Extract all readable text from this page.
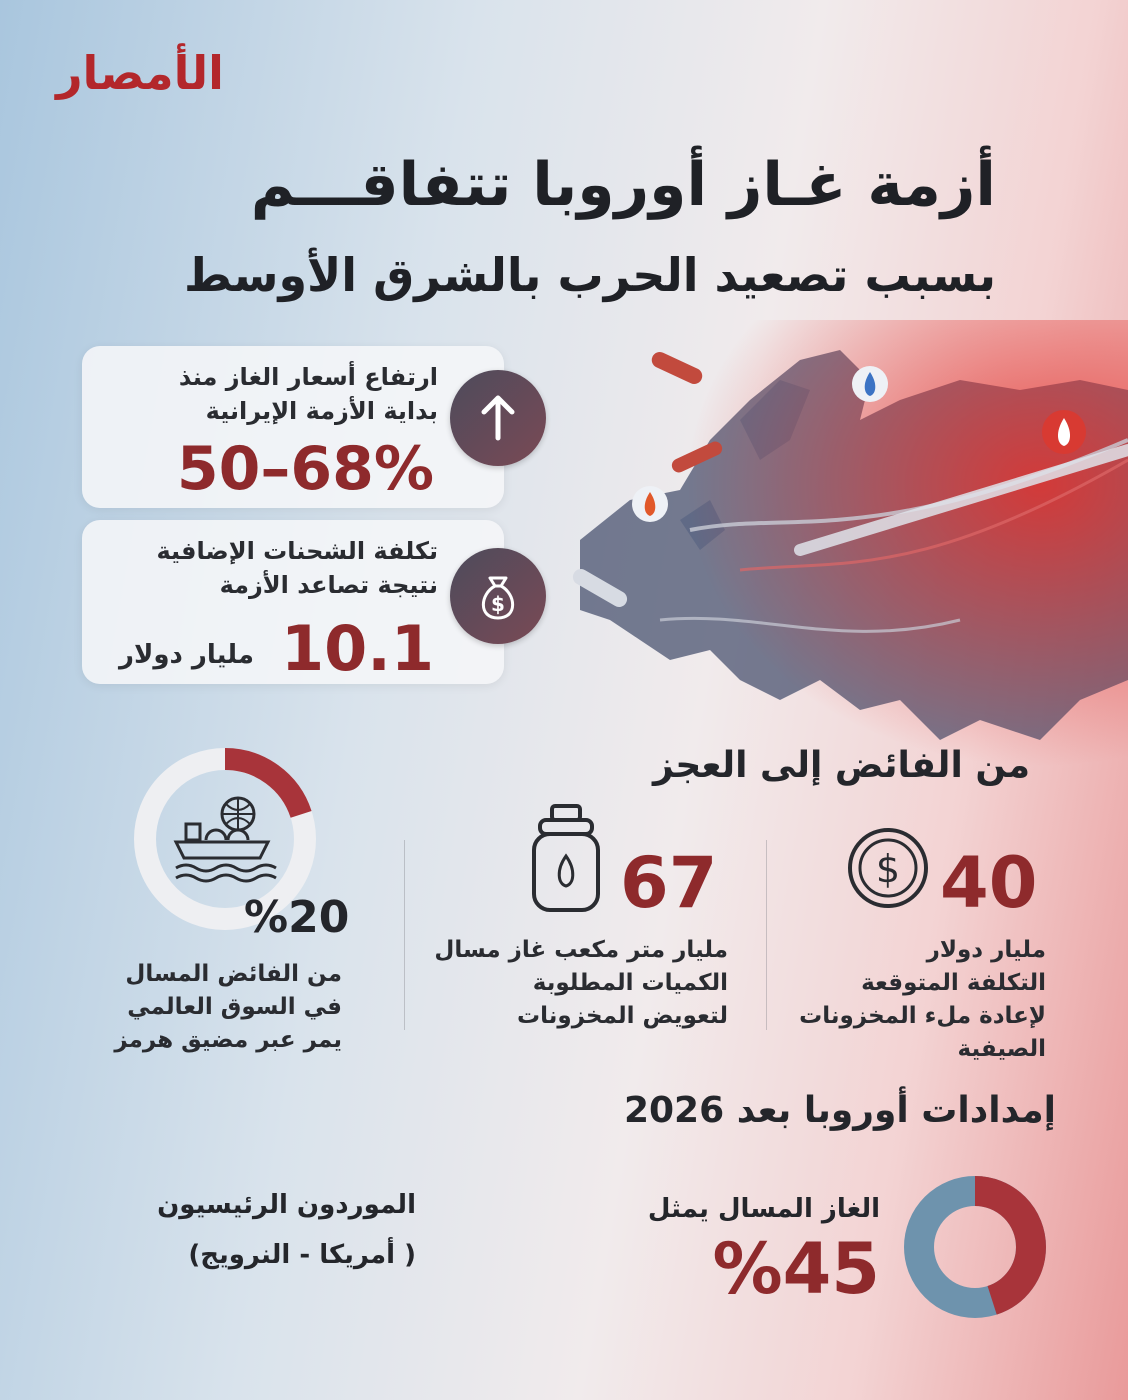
الأمصار
أزمة غـاز أوروبا تتفاقـــم
بسبب تصعيد الحرب بالشرق الأوسط
ارتفاع أسعار الغاز منذ
بداية الأزمة الإيرانية
50–68%
تكلفة الشحنات الإضافية
نتيجة تصاعد الأزمة
10.1
مليار دولار
$
من الفائض إلى العجز
$ 40
مليار دولار
التكلفة المتوقعة
لإعادة ملء المخزونات
الصيفية
67
مليار متر مكعب غاز مسال
الكميات المطلوبة
لتعويض المخزونات
%20
من الفائض المسال
في السوق العالمي
يمر عبر مضيق هرمز
إمدادات أوروبا بعد 2026
الغاز المسال يمثل
%45
الموردون الرئيسيون
( أمريكا - النرويج)
